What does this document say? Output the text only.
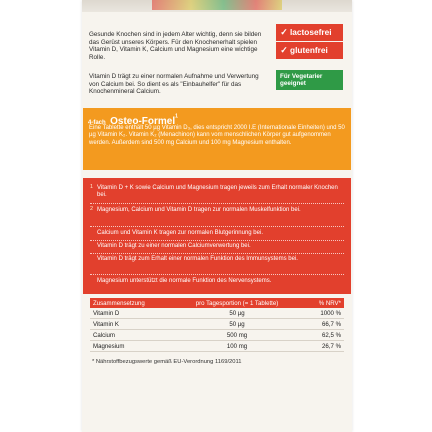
Gesunde Knochen sind in jedem Alter wichtig, denn sie bilden das Gerüst unseres Körpers. Für den Knochenerhalt spielen Vitamin D, Vitamin K, Calcium und Magnesium eine wichtige Rolle.

Vitamin D trägt zu einer normalen Aufnahme und Verwertung von Calcium bei. So dient es als "Einbauhelfer" für das Knochenmineral Calcium.

✓ lactosefrei
✓ glutenfrei
Für Vegetarier
geeignet

4-fach Osteo-Formel$^1$

Eine Tablette enthält 50 µg Vitamin D₃, dies entspricht 2000 I.E (Internationale Einheiten) und 50 µg Vitamin K₂. Vitamin K₂ (Menachinon) kann vom menschlichen Körper gut aufgenommen werden. Außerdem sind 500 mg Calcium und 100 mg Magnesium enthalten.

1 Vitamin D + K sowie Calcium und Magnesium tragen jeweils zum Erhalt normaler Knochen bei.

2 Magnesium, Calcium und Vitamin D tragen zur normalen Muskelfunktion bei.

Calcium und Vitamin K tragen zur normalen Blutgerinnung bei.

Vitamin D trägt zu einer normalen Calciumverwertung bei.

Vitamin D trägt zum Erhalt einer normalen Funktion des Immunsystems bei.

Magnesium unterstützt die normale Funktion des Nervensystems.

Zusammensetzung	pro Tagesportion (= 1 Tablette)	% NRV*
Vitamin D	50 µg	1000 %
Vitamin K	50 µg	66,7 %
Calcium	500 mg	62,5 %
Magnesium	100 mg	26,7 %

* Nährstoffbezugswerte gemäß EU-Verordnung 1169/2011
